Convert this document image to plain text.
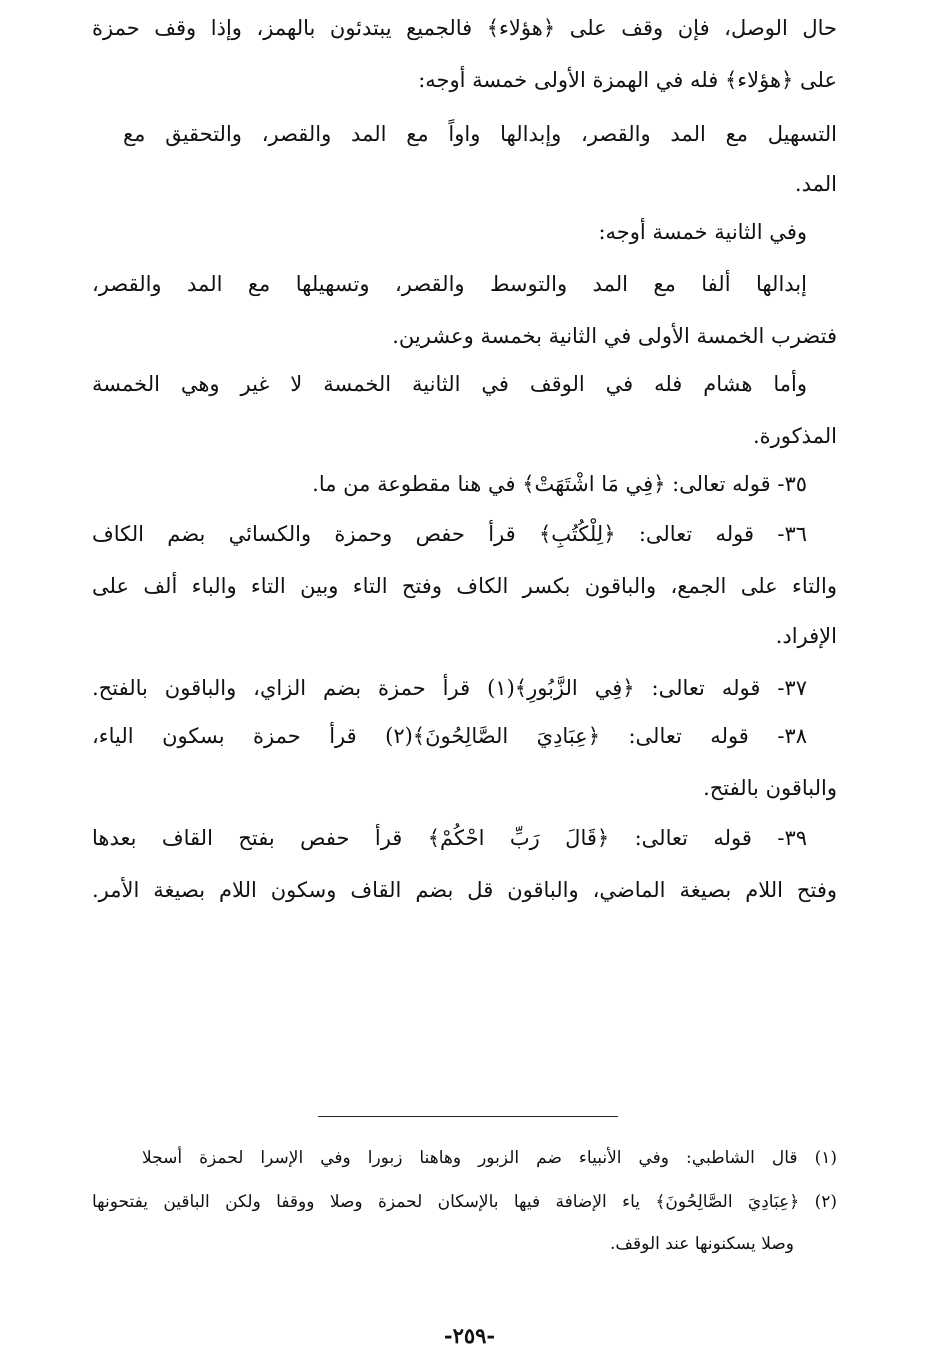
حال الوصل، فإن وقف على ﴿هؤلاء﴾ فالجميع يبتدئون بالهمز، وإذا وقف حمزة
على ﴿هؤلاء﴾ فله في الهمزة الأولى خمسة أوجه:
التسهيل مع المد والقصر، وإبدالها واواً مع المد والقصر، والتحقيق مع
المد.
وفي الثانية خمسة أوجه:
إبدالها ألفا مع المد والتوسط والقصر، وتسهيلها مع المد والقصر،
فتضرب الخمسة الأولى في الثانية بخمسة وعشرين.
وأما هشام فله في الوقف في الثانية الخمسة لا غير وهي الخمسة
المذكورة.
٣٥- قوله تعالى: ﴿فِي مَا اشْتَهَتْ﴾ في هنا مقطوعة من ما.
٣٦- قوله تعالى: ﴿لِلْكُتُبِ﴾ قرأ حفص وحمزة والكسائي بضم الكاف
والتاء على الجمع، والباقون بكسر الكاف وفتح التاء وبين التاء والباء ألف على
الإفراد.
٣٧- قوله تعالى: ﴿فِي الزَّبُورِ﴾(١) قرأ حمزة بضم الزاي، والباقون بالفتح.
٣٨- قوله تعالى: ﴿عِبَادِيَ الصَّالِحُونَ﴾(٢) قرأ حمزة بسكون الياء،
والباقون بالفتح.
٣٩- قوله تعالى: ﴿قَالَ رَبِّ احْكُمْ﴾ قرأ حفص بفتح القاف بعدها
وفتح اللام بصيغة الماضي، والباقون قل بضم القاف وسكون اللام بصيغة الأمر.
(١) قال الشاطبي: وفي الأنبياء ضم الزبور وهاهنا زبورا وفي الإسرا لحمزة أسجلا
(٢) ﴿عِبَادِيَ الصَّالِحُونَ﴾ ياء الإضافة فيها بالإسكان لحمزة وصلا ووقفا ولكن الباقين يفتحونها
وصلا يسكنونها عند الوقف.
-٢٥٩-
